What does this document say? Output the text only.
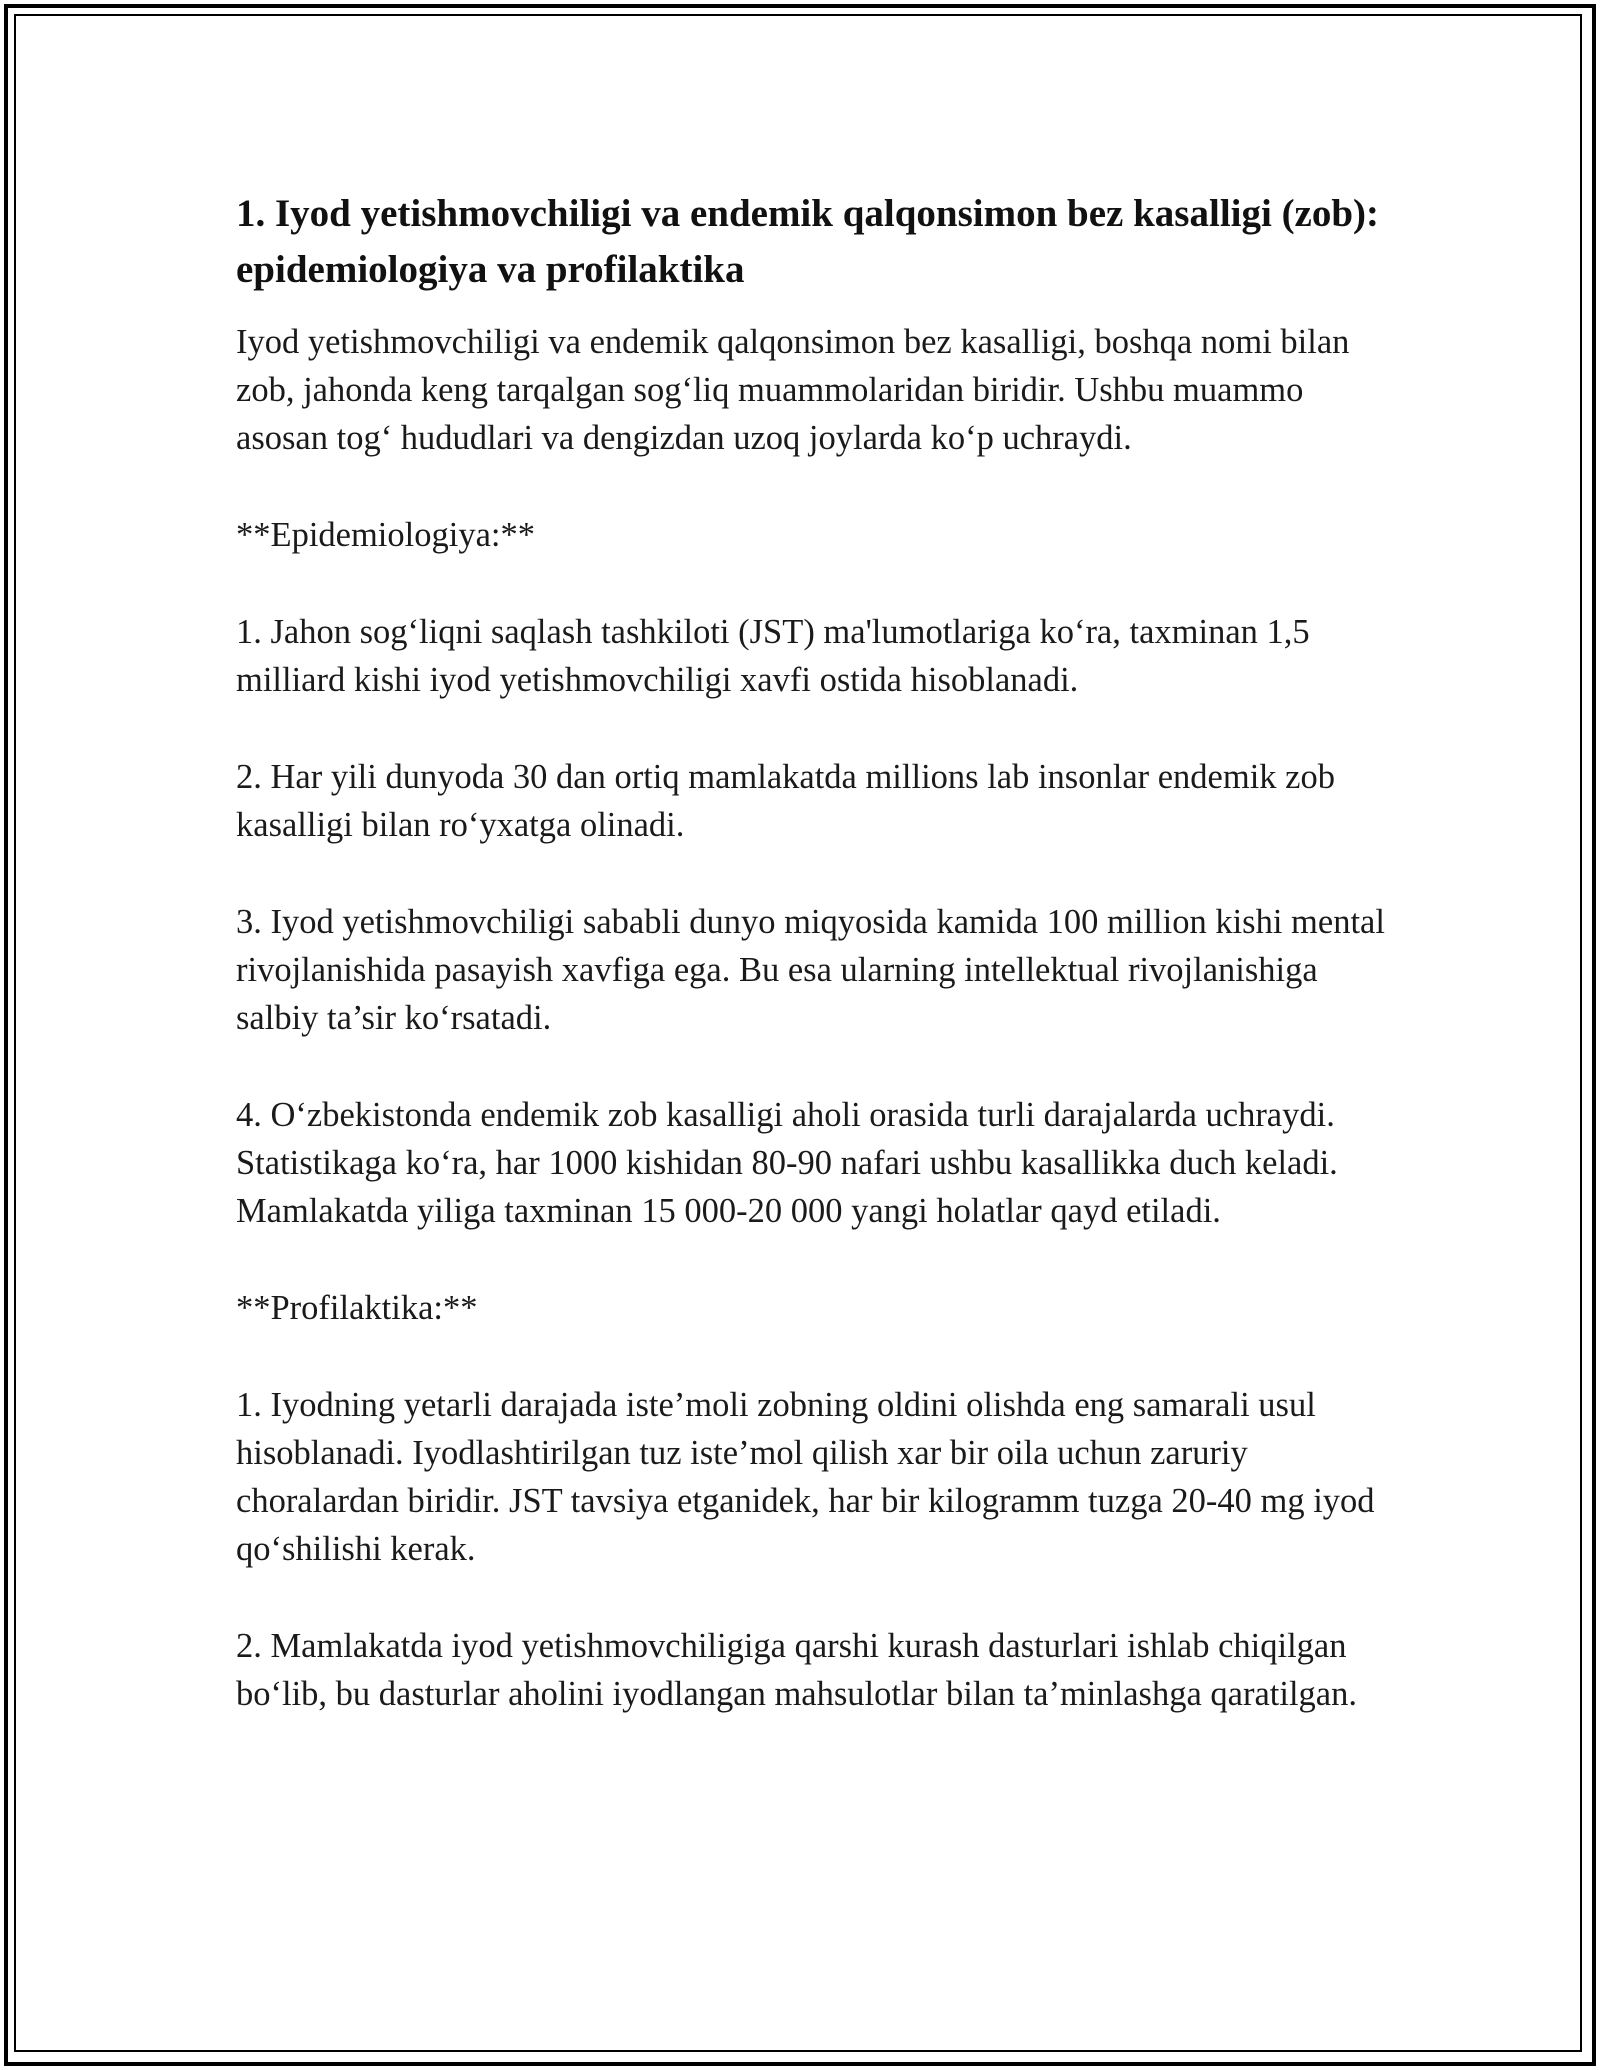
1. Iyod yetishmovchiligi va endemik qalqonsimon bez kasalligi (zob): epidemiologiya va profilaktika

Iyod yetishmovchiligi va endemik qalqonsimon bez kasalligi, boshqa nomi bilan zob, jahonda keng tarqalgan sog‘liq muammolaridan biridir. Ushbu muammo asosan tog‘ hududlari va dengizdan uzoq joylarda ko‘p uchraydi.

**Epidemiologiya:**

1. Jahon sog‘liqni saqlash tashkiloti (JST) ma'lumotlariga ko‘ra, taxminan 1,5 milliard kishi iyod yetishmovchiligi xavfi ostida hisoblanadi.

2. Har yili dunyoda 30 dan ortiq mamlakatda millions lab insonlar endemik zob kasalligi bilan ro‘yxatga olinadi.

3. Iyod yetishmovchiligi sababli dunyo miqyosida kamida 100 million kishi mental rivojlanishida pasayish xavfiga ega. Bu esa ularning intellektual rivojlanishiga salbiy ta’sir ko‘rsatadi.

4. O‘zbekistonda endemik zob kasalligi aholi orasida turli darajalarda uchraydi. Statistikaga ko‘ra, har 1000 kishidan 80-90 nafari ushbu kasallikka duch keladi. Mamlakatda yiliga taxminan 15 000-20 000 yangi holatlar qayd etiladi.

**Profilaktika:**

1. Iyodning yetarli darajada iste’moli zobning oldini olishda eng samarali usul hisoblanadi. Iyodlashtirilgan tuz iste’mol qilish xar bir oila uchun zaruriy choralardan biridir. JST tavsiya etganidek, har bir kilogramm tuzga 20-40 mg iyod qo‘shilishi kerak.

2. Mamlakatda iyod yetishmovchiligiga qarshi kurash dasturlari ishlab chiqilgan bo‘lib, bu dasturlar aholini iyodlangan mahsulotlar bilan ta’minlashga qaratilgan.
